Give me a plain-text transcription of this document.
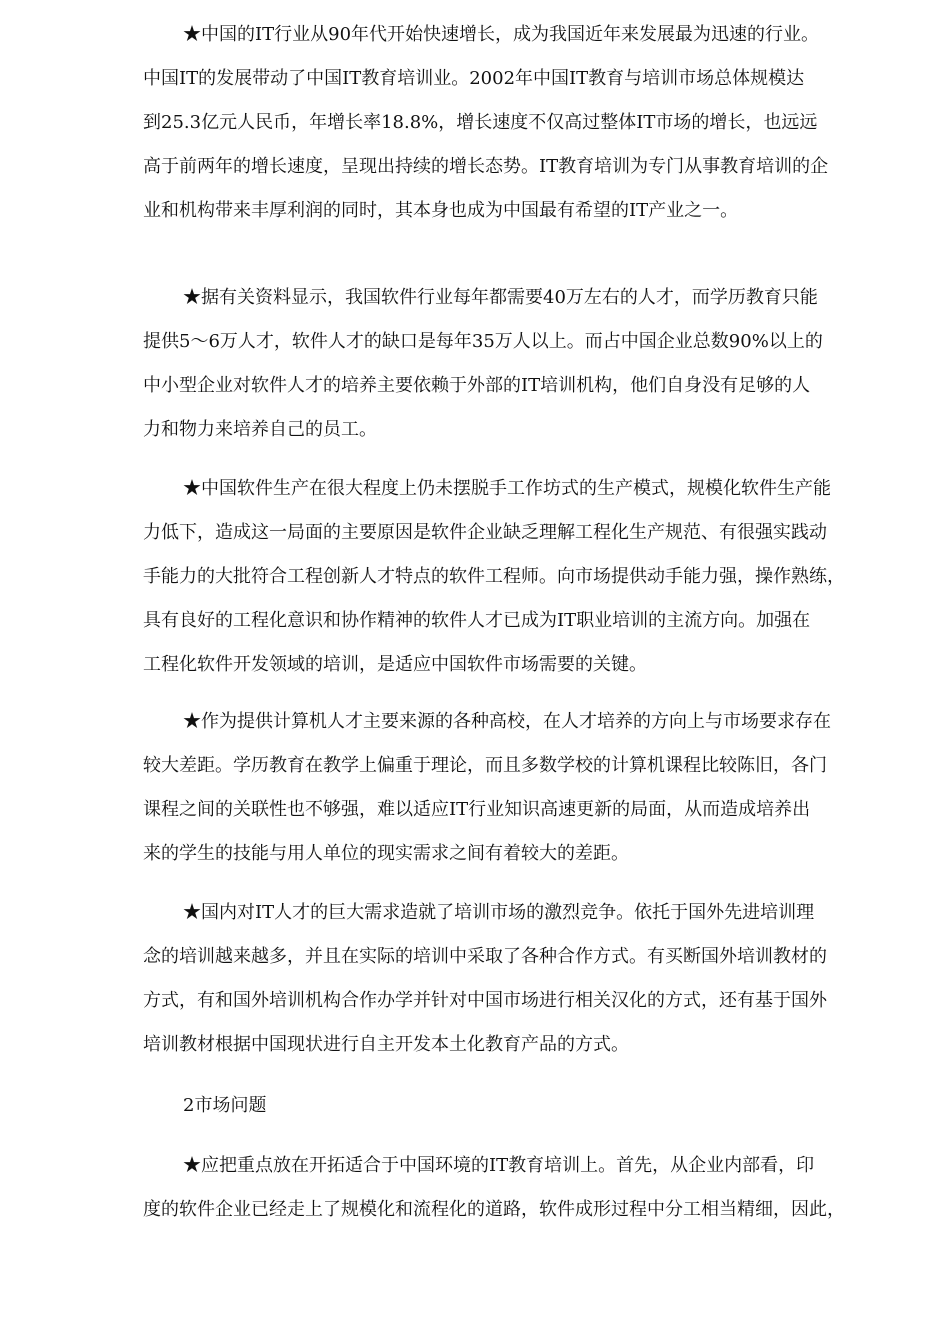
★中国的IT行业从90年代开始快速增长，成为我国近年来发展最为迅速的行业。
中国IT的发展带动了中国IT教育培训业。2002年中国IT教育与培训市场总体规模达
到25.3亿元人民币，年增长率18.8%，增长速度不仅高过整体IT市场的增长，也远远
高于前两年的增长速度，呈现出持续的增长态势。IT教育培训为专门从事教育培训的企
业和机构带来丰厚利润的同时，其本身也成为中国最有希望的IT产业之一。
★据有关资料显示，我国软件行业每年都需要40万左右的人才，而学历教育只能
提供5～6万人才，软件人才的缺口是每年35万人以上。而占中国企业总数90%以上的
中小型企业对软件人才的培养主要依赖于外部的IT培训机构，他们自身没有足够的人
力和物力来培养自己的员工。
★中国软件生产在很大程度上仍未摆脱手工作坊式的生产模式，规模化软件生产能
力低下，造成这一局面的主要原因是软件企业缺乏理解工程化生产规范、有很强实践动
手能力的大批符合工程创新人才特点的软件工程师。向市场提供动手能力强，操作熟练，
具有良好的工程化意识和协作精神的软件人才已成为IT职业培训的主流方向。加强在
工程化软件开发领域的培训，是适应中国软件市场需要的关键。
★作为提供计算机人才主要来源的各种高校，在人才培养的方向上与市场要求存在
较大差距。学历教育在教学上偏重于理论，而且多数学校的计算机课程比较陈旧，各门
课程之间的关联性也不够强，难以适应IT行业知识高速更新的局面，从而造成培养出
来的学生的技能与用人单位的现实需求之间有着较大的差距。
★国内对IT人才的巨大需求造就了培训市场的激烈竞争。依托于国外先进培训理
念的培训越来越多，并且在实际的培训中采取了各种合作方式。有买断国外培训教材的
方式，有和国外培训机构合作办学并针对中国市场进行相关汉化的方式，还有基于国外
培训教材根据中国现状进行自主开发本土化教育产品的方式。
2市场问题
★应把重点放在开拓适合于中国环境的IT教育培训上。首先，从企业内部看，印
度的软件企业已经走上了规模化和流程化的道路，软件成形过程中分工相当精细，因此，
